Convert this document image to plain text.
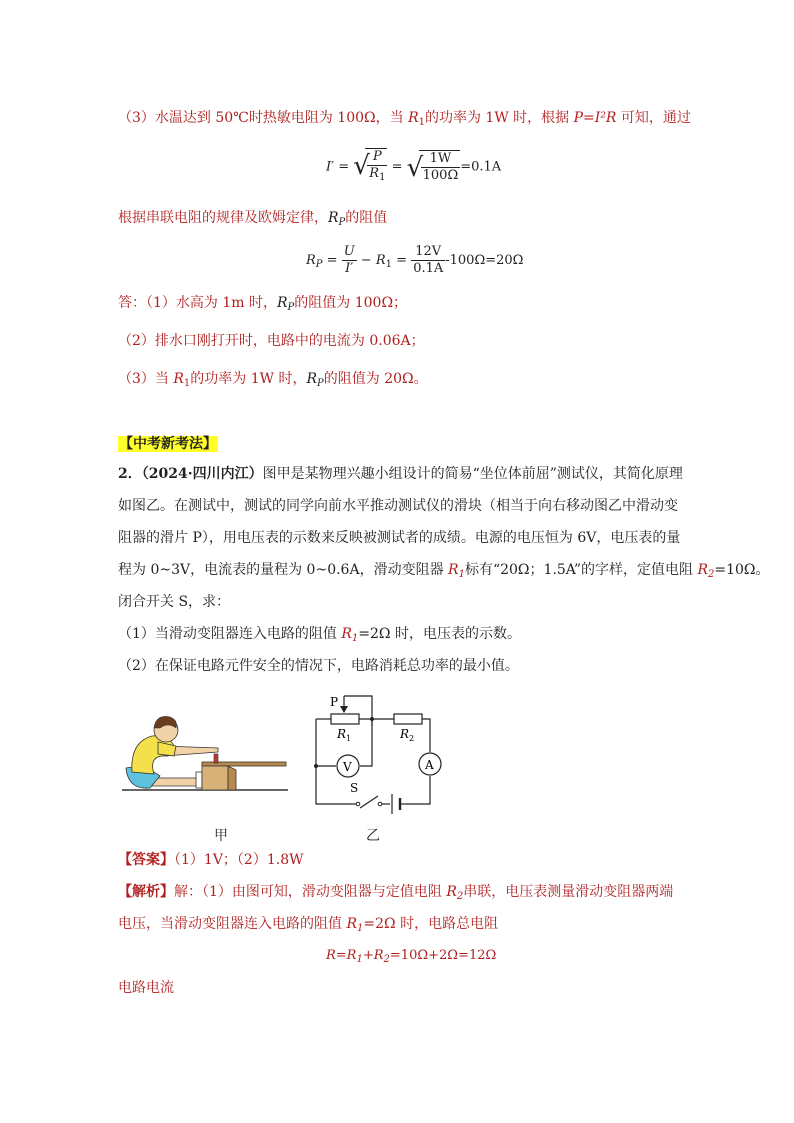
（3）水温达到 50℃时热敏电阻为 100Ω，当 $R_1$的功率为 1W 时，根据 P=I²R 可知，通过
I′ = √
$\frac{P}{R_1}$ = √
$\frac{1W}{100\Omega} =0.1A$
根据串联电阻的规律及欧姆定律，$R_P$的阻值
$R_P = \frac{U}{I'} - R_1 = \frac{12V}{0.1A} -100\Omega=20\Omega$
答：（1）水高为 1m 时，$R_P$的阻值为 100Ω；
（2）排水口刚打开时，电路中的电流为 0.06A；
（3）当 $R_1$的功率为 1W 时，$R_P$的阻值为 20Ω。
【中考新考法】
2．（2024·四川内江）图甲是某物理兴趣小组设计的简易“坐位体前屈”测试仪，其简化原理
如图乙。在测试中，测试的同学向前水平推动测试仪的滑块（相当于向右移动图乙中滑动变
阻器的滑片 P），用电压表的示数来反映被测试者的成绩。电源的电压恒为 6V，电压表的量
程为 0~3V，电流表的量程为 0~0.6A，滑动变阻器 $R_1$标有“20Ω；1.5A”的字样，定值电阻 $R_2=10\Omega$。
闭合开关 S，求：
（1）当滑动变阻器连入电路的阻值 $R_1=2\Omega$ 时，电压表的示数。
（2）在保证电路元件安全的情况下，电路消耗总功率的最小值。
甲
P
R 1	R 2
V	A
S
乙
【答案】（1）1V；（2）1.8W
【解析】解：（1）由图可知，滑动变阻器与定值电阻 $R_2$串联，电压表测量滑动变阻器两端
电压，当滑动变阻器连入电路的阻值 $R_1=2\Omega$ 时，电路总电阻
$R=R_1+R_2=10\Omega+2\Omega=12\Omega$
电路电流
